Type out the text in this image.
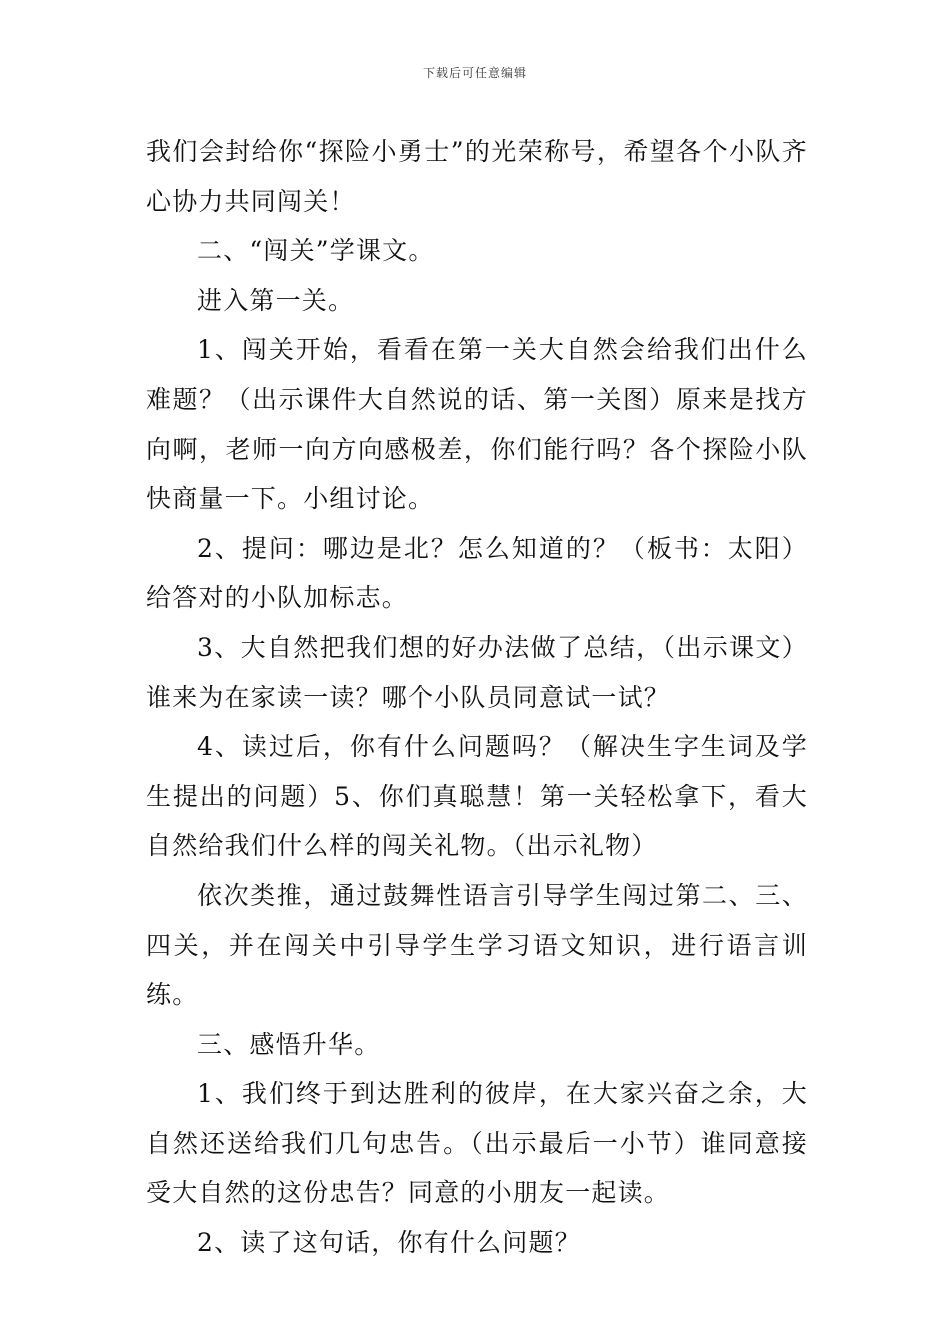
下载后可任意编辑

我们会封给你“探险小勇士”的光荣称号，希望各个小队齐心协力共同闯关！

二、“闯关”学课文。

进入第一关。

1、闯关开始，看看在第一关大自然会给我们出什么难题？（出示课件大自然说的话、第一关图）原来是找方向啊，老师一向方向感极差，你们能行吗？各个探险小队快商量一下。小组讨论。

2、提问：哪边是北？怎么知道的？（板书：太阳）给答对的小队加标志。

3、大自然把我们想的好办法做了总结，（出示课文）谁来为在家读一读？哪个小队员同意试一试？

4、读过后，你有什么问题吗？（解决生字生词及学生提出的问题）5、你们真聪慧！第一关轻松拿下，看大自然给我们什么样的闯关礼物。（出示礼物）

依次类推，通过鼓舞性语言引导学生闯过第二、三、四关，并在闯关中引导学生学习语文知识，进行语言训练。

三、感悟升华。

1、我们终于到达胜利的彼岸，在大家兴奋之余，大自然还送给我们几句忠告。（出示最后一小节）谁同意接受大自然的这份忠告？同意的小朋友一起读。

2、读了这句话，你有什么问题？
